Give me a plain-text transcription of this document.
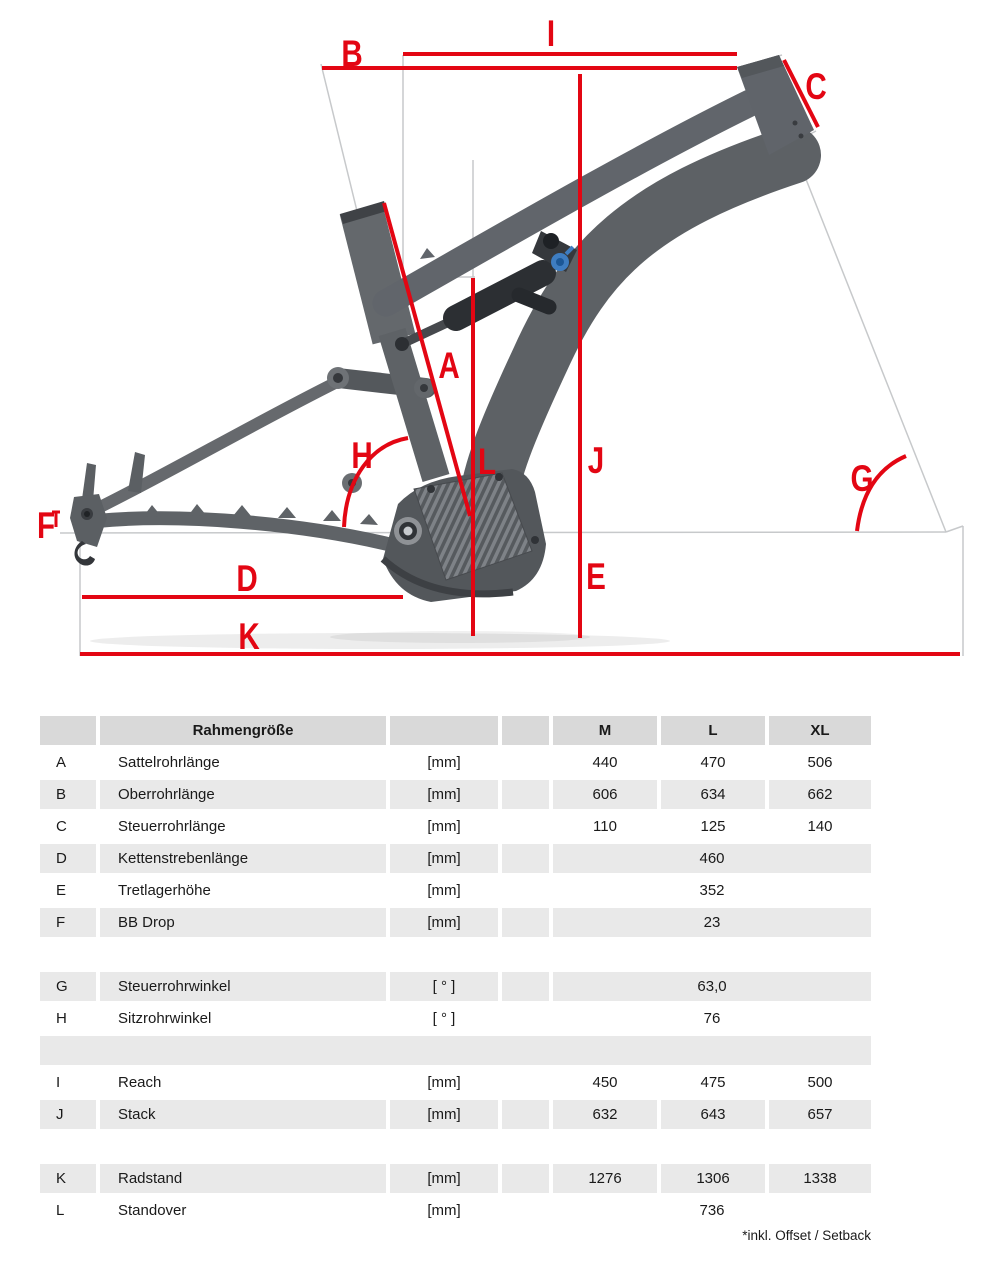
B	I
C
A
H	L J
E
G
D
K
F
Rahmengröße	M	L	XL
A	Sattelrohrlänge	[mm]	440	470	506
B	Oberrohrlänge	[mm]	606	634	662
C	Steuerrohrlänge	[mm]	110	125	140
D	Kettenstrebenlänge	[mm]	460
E	Tretlagerhöhe	[mm]	352
F	BB Drop	[mm]	23
G	Steuerrohrwinkel	[ ° ]	63,0
H	Sitzrohrwinkel	[ ° ]	76
I	Reach	[mm]	450	475	500
J	Stack	[mm]	632	643	657
K	Radstand	[mm]	1276	1306	1338
L	Standover	[mm]	736
*inkl. Offset / Setback
